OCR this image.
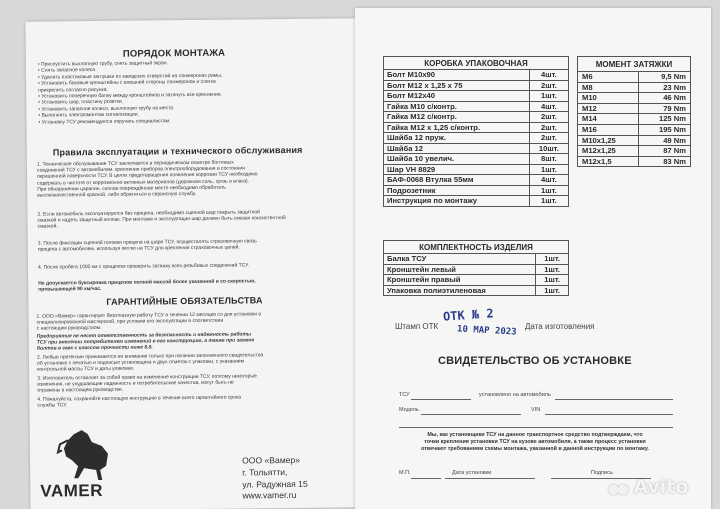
ПОРЯДОК МОНТАЖА
• Приспустить выхлопную трубу, снять защитный экран.
• Снять запасное колесо.
• Удалить пластиковые заглушки из заводских отверстий на лонжеронах рамы.
• Установить боковые кронштейны с внешней стороны лонжеронов и слегка
прикрепить согласно рисунка.
• Установить поперечную балку между кронштейнов и затянуть все крепления.
• Установить шар, пластину розетки.
• Установить запасное колесо, выхлопную трубу на место.
• Выполнить электромонтаж сигнализации.
• Установку ТСУ рекомендуется поручать специалистам.
Правила эксплуатации и технического обслуживания
1. Техническое обслуживание ТСУ заключается в периодическом осмотре болтовых
соединений ТСУ с автомобилем, крепления приборов электрооборудования и состояния
окрашенной поверхности ТСУ. В целях предотвращения появления коррозии ТСУ необходимо
содержать в чистоте от коррозионно-активных материалов (дорожная соль, грязь и влага).
При обнаружении царапин, сколов повреждённое место необходимо обработать
высококачественной краской, либо обратиться в сервисную службу.
2. Если автомобиль эксплуатируется без прицепа, необходимо сцепной шар покрыть защитной
смазкой и надеть защитный колпак. При монтаже и эксплуатации шар должен быть смазан консистентной
смазкой.
3. После фиксации сцепной головки прицепа на шаре ТСУ, осуществлять страховочную связь
прицепа с автомобилем, используя петлю на ТСУ для крепления страховочных цепей.
4. После пробега 1000 км с прицепом проверить затяжку всех резьбовых соединений ТСУ.
Не допускается буксировка прицепов полной массой более указанной и со скоростью,
превышающей 90 км/час.
ГАРАНТИЙНЫЕ ОБЯЗАТЕЛЬСТВА
1. ООО «Вамер» гарантирует безотказную работу ТСУ в течении 12 месяцев со дня установки в
специализированной мастерской, при условии его эксплуатации в соответствии
с настоящим руководством.
Предприятие не несет ответственность за безопасность и надежность работы
ТСУ при внесении потребителем изменений в его конструкцию, а также при замене
болтов в гаек с классом прочности ниже 8.8.
2. Любые претензии принимаются во внимание только при наличии заполненного свидетельства
об установке с печатью и подписью установщика и двух отметок с упаковки, с указанием
контрольной массы ТСУ и даты упаковки.
3. Изготовитель оставляет за собой право на изменение конструкции ТСУ, поэтому некоторые
изменения, не ухудшающие надежность и потребительские качества, могут быть не
отражены в настоящем руководстве.
4. Пожалуйста, сохраняйте настоящую инструкцию в течение всего гарантийного срока
службы ТСУ.
VAMER
ООО «Вамер»
г. Тольятти,
ул. Радужная 15
www.vamer.ru
КОРОБКА УПАКОВОЧНАЯ	
Болт М10х90	4шт.
Болт М12 х 1,25 х 75	2шт.
Болт М12х40	1шт.
Гайка М10 с/контр.	4шт.
Гайка М12 с/контр.	2шт.
Гайка М12 х 1,25 с/контр.	2шт.
Шайба 12 пруж.	2шт.
Шайба 12	10шт.
Шайба 10 увелич.	8шт.
Шар VH 8829	1шт.
БАФ-0068 Втулка 55мм	4шт.
Подрозетник	1шт.
Инструкция по монтажу	1шт.
КОМПЛЕКТНОСТЬ ИЗДЕЛИЯ	
Балка ТСУ	1шт.
Кронштейн левый	1шт.
Кронштейн правый	1шт.
Упаковка полиэтиленовая	1шт.
МОМЕНТ ЗАТЯЖКИ	
М6	9,5 Nm
М8	23 Nm
М10	46 Nm
М12	79 Nm
М14	125 Nm
М16	195 Nm
М10х1,25	49 Nm
М12х1,25	87 Nm
М12х1,5	83 Nm
ОТК № 2
10 МАР 2023
Штамп ОТК	Дата изготовления
СВИДЕТЕЛЬСТВО ОБ УСТАНОВКЕ
ТСУ	установлено на автомобиль
Модель	VIN
Мы, как установщики ТСУ на данное транспортное средство подтверждаем, что
точки крепления установки ТСУ на кузове автомобиля, а также процесс установки
отвечают требованиям схемы монтажа, указанной в данной инструкции по монтажу.
М.П.	Дата установки	Подпись
●● Avito
